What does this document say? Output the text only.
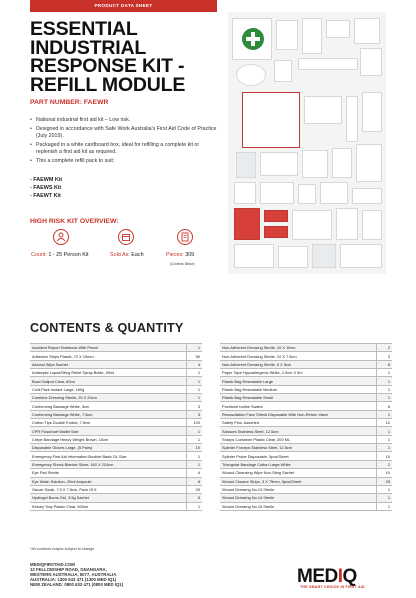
PRODUCT DATA SHEET
ESSENTIAL
INDUSTRIAL
RESPONSE KIT -
REFILL MODULE
PART NUMBER: FAEWR
• National industrial first aid kit – Low risk.
• Designed in accordance with Safe Work Australia's First Aid Code of Practice (July 2019).
• Packaged in a white cardboard box, ideal for refilling a complete kit or replenish a first aid kit as required.
• This a complete refill pack to suit:
- FAEWM Kit
- FAEWS Kit
- FAEWT Kit
HIGH RISK KIT OVERVIEW:
Count: 1 - 25 Person Kit	Sold As: Each	Pieces: 309
(Contents Below)
CONTENTS & QUANTITY
Accident Report Notebook With Pencil	1
Adhesive Strips Plastic, 72 X 19mm	50
Alcohol Wipe Sachet	4
Antiseptic Liquid/Sting Relief Spray Bottle, 50ml	1
Bowl Galipot Clear, 60ml	1
Cold Pack Instant Large, 160g	1
Combine Dressing Sterile, 20 X 20cm	1
Conforming Bandage White, 5cm	3
Conforming Bandage White, 7.5cm	3
Cotton Tips Double Ended, 7.5cm	100
CPR Flowchart Wallet Size	1
Crepe Bandage Heavy Weight Brown, 10cm	1
Disposable Gloves Large, (5 Pairs)	10
Emergency First Aid Information Booklet Basic DL Size	1
Emergency Shock Blanket Silver, 160 X 210cm	1
Eye Pad Sterile	4
Eye Wash Solution, 20ml Ampoule	8
Gauze Swab, 7.5 X 7.5cm, Pack Of 5	25
Hydrogel Burns Gel, 3.5g Sachet	5
Kidney Tray Plastic Clear, 500ml	1
Non-Adherent Dressing Sterile, 10 X 10cm	2
Non-Adherent Dressing Sterile, 10 X 7.5cm	3
Non-Adherent Dressing Sterile, 5 X 5cm	6
Paper Tape Hypoallergenic White, 2.5cm X 5m	1
Plastic Bag Resealable Large	1
Plastic Bag Resealable Medium	1
Plastic Bag Resealable Small	1
Povidone Iodine Swabs	6
Resuscitation Face Shield Disposable With Non-Return Valve	1
Safety Pins, Assorted	12
Scissors Stainless Steel, 12.5cm	1
Sharps Container Plastic Clear, 200 ML	1
Splinter Forceps Stainless Steel, 12.5cm	1
Splinter Probe Disposable, 5pcs/Sheet	10
Triangular Bandage Cotton Large White	2
Wound Cleansing Wipe Non-Sting Sachet	10
Wound Closure Strips, 3 X 75mm, 5pcs/Sheet	25
Wound Dressing No.13 Sterile	1
Wound Dressing No.14 Sterile	1
Wound Dressing No.15 Sterile	1
*All contents maybe subject to change
MEDIQFIRSTAID.COM
12 FELLOWSHIP ROAD, GNANGARA,
WESTERN AUSTRALIA, 6077, AUSTRALIA
AUSTRALIA: 1300 633 471 (1300 MED IQ1)
NEW ZEALAND: 0800 633 471 (0800 MED IQ1)	MEDIQ
THE SMART CHOICE IN FIRST AID
